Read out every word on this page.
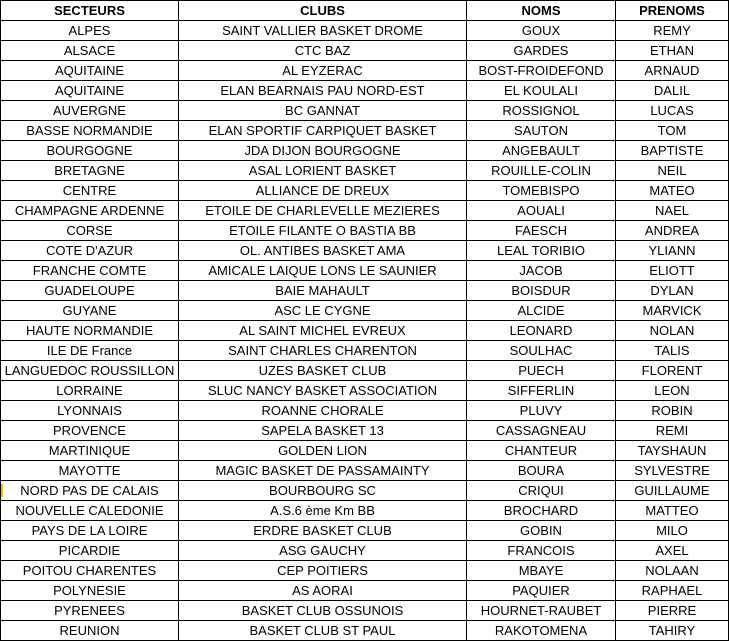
SECTEURS	CLUBS	NOMS	PRENOMS
ALPES	SAINT VALLIER BASKET DROME	GOUX	REMY
ALSACE	CTC BAZ	GARDES	ETHAN
AQUITAINE	AL EYZERAC	BOST-FROIDEFOND	ARNAUD
AQUITAINE	ELAN BEARNAIS PAU NORD-EST	EL KOULALI	DALIL
AUVERGNE	BC GANNAT	ROSSIGNOL	LUCAS
BASSE NORMANDIE	ELAN SPORTIF CARPIQUET BASKET	SAUTON	TOM
BOURGOGNE	JDA DIJON BOURGOGNE	ANGEBAULT	BAPTISTE
BRETAGNE	ASAL LORIENT BASKET	ROUILLE-COLIN	NEIL
CENTRE	ALLIANCE DE DREUX	TOMEBISPO	MATEO
CHAMPAGNE ARDENNE	ETOILE DE CHARLEVELLE MEZIERES	AOUALI	NAEL
CORSE	ETOILE FILANTE O BASTIA BB	FAESCH	ANDREA
COTE D'AZUR	OL. ANTIBES BASKET AMA	LEAL TORIBIO	YLIANN
FRANCHE COMTE	AMICALE LAIQUE LONS LE SAUNIER	JACOB	ELIOTT
GUADELOUPE	BAIE MAHAULT	BOISDUR	DYLAN
GUYANE	ASC LE CYGNE	ALCIDE	MARVICK
HAUTE NORMANDIE	AL SAINT MICHEL EVREUX	LEONARD	NOLAN
ILE DE France	SAINT CHARLES CHARENTON	SOULHAC	TALIS
LANGUEDOC ROUSSILLON	UZES BASKET CLUB	PUECH	FLORENT
LORRAINE	SLUC NANCY BASKET ASSOCIATION	SIFFERLIN	LEON
LYONNAIS	ROANNE CHORALE	PLUVY	ROBIN
PROVENCE	SAPELA BASKET 13	CASSAGNEAU	REMI
MARTINIQUE	GOLDEN LION	CHANTEUR	TAYSHAUN
MAYOTTE	MAGIC BASKET DE PASSAMAINTY	BOURA	SYLVESTRE
NORD PAS DE CALAIS	BOURBOURG SC	CRIQUI	GUILLAUME
NOUVELLE CALEDONIE	A.S.6 ème Km BB	BROCHARD	MATTEO
PAYS DE LA LOIRE	ERDRE BASKET CLUB	GOBIN	MILO
PICARDIE	ASG GAUCHY	FRANCOIS	AXEL
POITOU CHARENTES	CEP POITIERS	MBAYE	NOLAAN
POLYNESIE	AS AORAI	PAQUIER	RAPHAEL
PYRENEES	BASKET CLUB OSSUNOIS	HOURNET-RAUBET	PIERRE
REUNION	BASKET CLUB ST PAUL	RAKOTOMENA	TAHIRY
